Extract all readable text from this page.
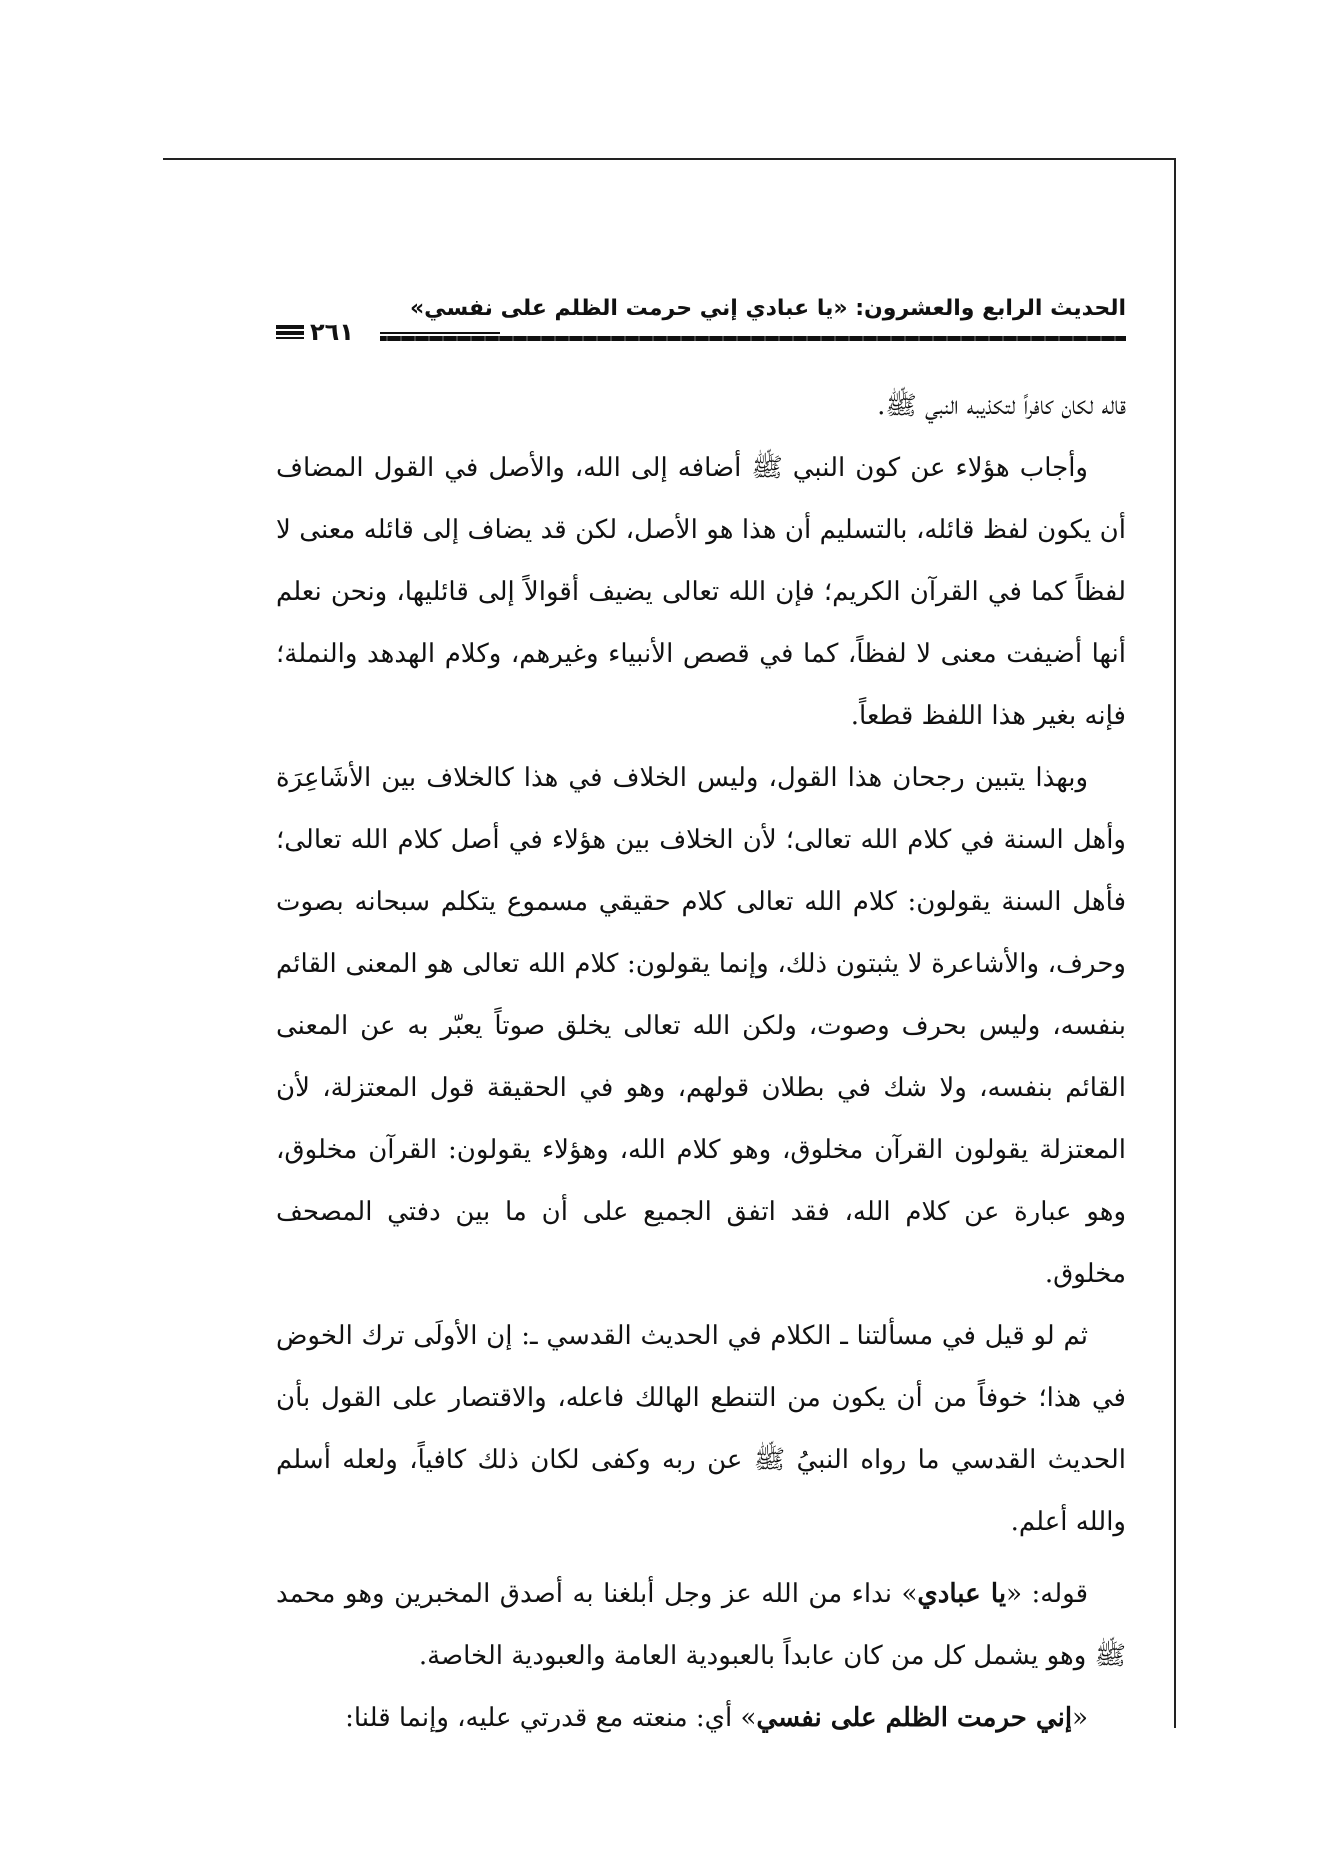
الحديث الرابع والعشرون: «يا عبادي إني حرمت الظلم على نفسي»
٢٦١

قاله لكان كافراً لتكذيبه النبي ﷺ.

وأجاب هؤلاء عن كون النبي ﷺ أضافه إلى الله، والأصل في القول المضاف أن يكون لفظ قائله، بالتسليم أن هذا هو الأصل، لكن قد يضاف إلى قائله معنى لا لفظاً كما في القرآن الكريم؛ فإن الله تعالى يضيف أقوالاً إلى قائليها، ونحن نعلم أنها أضيفت معنى لا لفظاً، كما في قصص الأنبياء وغيرهم، وكلام الهدهد والنملة؛ فإنه بغير هذا اللفظ قطعاً.

وبهذا يتبين رجحان هذا القول، وليس الخلاف في هذا كالخلاف بين الأشَاعِرَة وأهل السنة في كلام الله تعالى؛ لأن الخلاف بين هؤلاء في أصل كلام الله تعالى؛ فأهل السنة يقولون: كلام الله تعالى كلام حقيقي مسموع يتكلم سبحانه بصوت وحرف، والأشاعرة لا يثبتون ذلك، وإنما يقولون: كلام الله تعالى هو المعنى القائم بنفسه، وليس بحرف وصوت، ولكن الله تعالى يخلق صوتاً يعبّر به عن المعنى القائم بنفسه، ولا شك في بطلان قولهم، وهو في الحقيقة قول المعتزلة، لأن المعتزلة يقولون القرآن مخلوق، وهو كلام الله، وهؤلاء يقولون: القرآن مخلوق، وهو عبارة عن كلام الله، فقد اتفق الجميع على أن ما بين دفتي المصحف مخلوق.

ثم لو قيل في مسألتنا ـ الكلام في الحديث القدسي ـ: إن الأولَى ترك الخوض في هذا؛ خوفاً من أن يكون من التنطع الهالك فاعله، والاقتصار على القول بأن الحديث القدسي ما رواه النبيُ ﷺ عن ربه وكفى لكان ذلك كافياً، ولعله أسلم والله أعلم.

قوله: «يا عبادي» نداء من الله عز وجل أبلغنا به أصدق المخبرين وهو محمد ﷺ وهو يشمل كل من كان عابداً بالعبودية العامة والعبودية الخاصة.

«إني حرمت الظلم على نفسي» أي: منعته مع قدرتي عليه، وإنما قلنا:
